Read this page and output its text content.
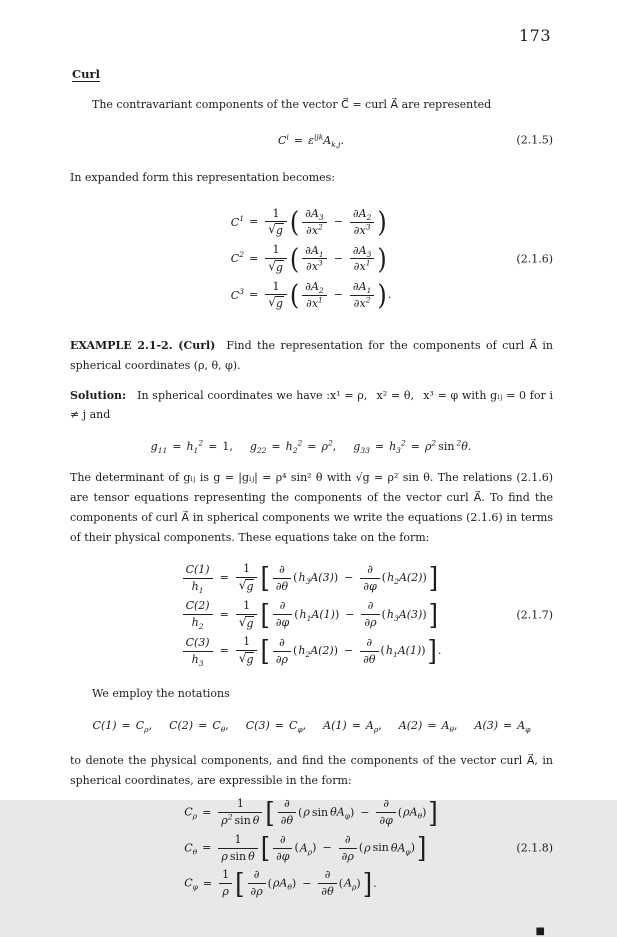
173
Curl

The contravariant components of the vector C⃗ = curl A⃗ are represented

$C^i = \varepsilon^{ijk}A_{k,j}$.	(2.1.5)

In expanded form this representation becomes:

$C^1 = \frac{1}{√ g}$ ( $\frac{\partial A_3}{\partial x^2} - \frac{\partial A_2}{\partial x^3}$ )
$C^2 = \frac{1}{√ g}$ ( $\frac{\partial A_1}{\partial x^3} - \frac{\partial A_3}{\partial x^1}$ )
$C^3 = \frac{1}{√ g}$ ( $\frac{\partial A_2}{\partial x^1} - \frac{\partial A_1}{\partial x^2}$ ).
(2.1.6)

EXAMPLE 2.1-2. (Curl) Find the representation for the components of curl A⃗ in spherical coordinates (ρ, θ, φ).

Solution: In spherical coordinates we have :x¹ = ρ,  x² = θ,  x³ = φ with gᵢⱼ = 0 for i ≠ j and

$g_{11} = h_1^2 = 1$, $g_{22} = h_2^2 = \rho^2$, $g_{33} = h_3^2 = \rho^2$ sin $^2$θ.

The determinant of gᵢⱼ is g = |gᵢⱼ| = ρ⁴ sin² θ with √g = ρ² sin θ. The relations (2.1.6) are tensor equations representing the components of the vector curl A⃗. To find the components of curl A⃗ in spherical components we write the equations (2.1.6) in terms of their physical components. These equations take on the form:

$\frac{C(1)}{h_1} = \frac{1}{√ g}$ [ $\frac{\partial}{\partial\theta} (h_3A(3)) - \frac{\partial}{\partial\varphi} (h_2A(2))$]
$\frac{C(2)}{h_2} = \frac{1}{√ g}$ [ $\frac{\partial}{\partial\varphi} (h_1A(1)) - \frac{\partial}{\partial\rho} (h_3A(3))$]
$\frac{C(3)}{h_3} = \frac{1}{√ g}$ [ $\frac{\partial}{\partial\rho} (h_2A(2)) - \frac{\partial}{\partial\theta} (h_1A(1))$].
(2.1.7)

We employ the notations

$C(1) = C_\rho$, $C(2) = C_\theta$, $C(3) = C_\varphi$, $A(1) = A_\rho$, $A(2) = A_\theta$, $A(3) = A_\varphi$

to denote the physical components, and find the components of the vector curl A⃗, in spherical coordinates, are expressible in the form:

$C_\rho = \frac{1}{\rho^2 \sin \theta}$ [ $\frac{\partial}{\partial\theta} (\rho$ $\sin \theta A_\varphi) - \frac{\partial}{\partial\varphi} (\rho A_\theta)$]
$C_\theta = \frac{1}{\text{ρ sin θ}}$ [ $\frac{\partial}{\partial\varphi} (A_\rho) - \frac{\partial}{\partial\rho} (\rho$ $\sin \theta A_\varphi$)]
$C_\varphi = \frac{1}{\rho}$ [ $\frac{\partial}{\partial\rho} (\rho A_\theta) - \frac{\partial}{\partial\theta} (A_\rho)$].
(2.1.8)
■
